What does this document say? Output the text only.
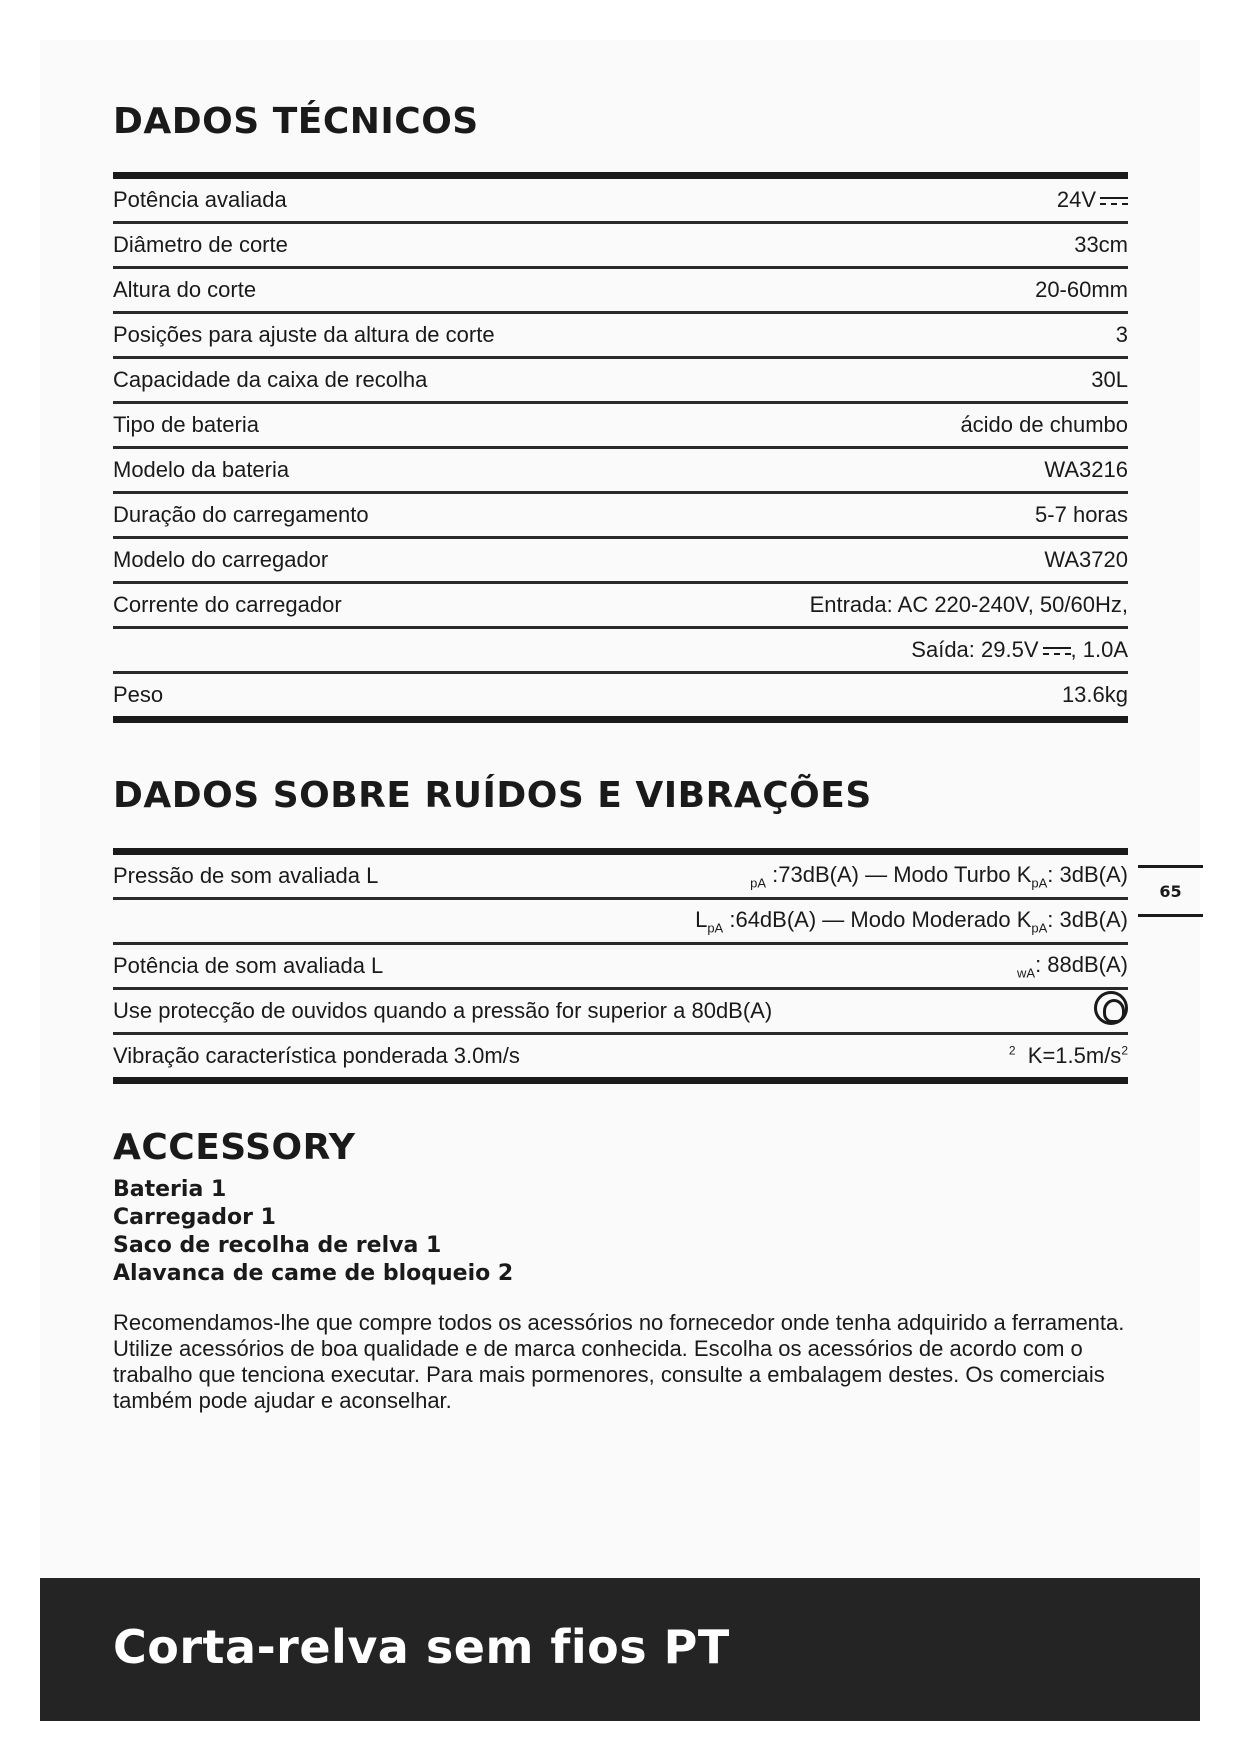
DADOS TÉCNICOS
Potência avaliada	24V
Diâmetro de corte	33cm
Altura do corte	20-60mm
Posições para ajuste da altura de corte	3
Capacidade da caixa de recolha	30L
Tipo de bateria	ácido de chumbo
Modelo da bateria	WA3216
Duração do carregamento	5-7 horas
Modelo do carregador	WA3720
Corrente do carregador	Entrada: AC 220-240V, 50/60Hz,
Saída: 29.5V , 1.0A
Peso	13.6kg
DADOS SOBRE RUÍDOS E VIBRAÇÕES
Pressão de som avaliada L	$_{pA}$ :73dB(A) — Modo Turbo $K_{pA}$: 3dB(A)
$L_{pA}$ :64dB(A) — Modo Moderado $K_{pA}$: 3dB(A)
Potência de som avaliada L	$_{wA}$: 88dB(A)
Use protecção de ouvidos quando a pressão for superior a 80dB(A)
Vibração característica ponderada 3.0m/s	$^2$ $K=1.5m/s^2$
ACCESSORY
Bateria 1
Carregador 1
Saco de recolha de relva 1
Alavanca de came de bloqueio 2

Recomendamos-lhe que compre todos os acessórios no fornecedor onde tenha adquirido a ferramenta. Utilize acessórios de boa qualidade e de marca conhecida. Escolha os acessórios de acordo com o trabalho que tenciona executar. Para mais pormenores, consulte a embalagem destes. Os comerciais também pode ajudar e aconselhar.

65
Corta-relva sem fios PT
